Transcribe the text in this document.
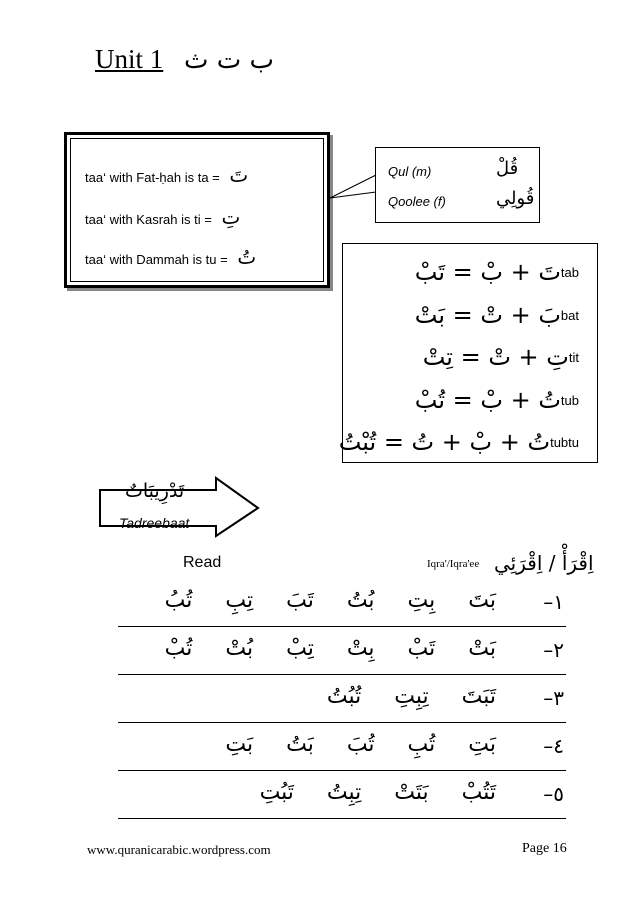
Unit 1 ب ت ث
taa‘ with Fat-ḥah is ta = تَ
taa‘ with Kasrah is ti = تِ
taa‘ with Dammah is tu = تُ
Qul (m)	قُلْ
Qoolee (f)	قُولِي
تَ + بْ = تَبْ tab
بَ + تْ = بَتْ bat
تِ + تْ = تِتْ tit
تُ + بْ = تُبْ tub
تُ + بْ + تُ = تُبْتُ tubtu
تَدْرِيبَاتٌ
Tadreebaat
Read	Iqra'/Iqra'ee اِقْرَأْ / اِقْرَئِي
١–
بَتَ بِتِ بُتُ تَبَ تِبِ تُبُ
٢–
بَتْ تَبْ بِتْ تِبْ بُتْ تُبْ
٣–
تَبَتَ تِبِتِ تُبُتُ
٤–
بَتِ تُبِ تُبَ بَتُ بَتِ
٥–
تَتُبْ بَتَتْ تِبِتُ تَبُتِ
www.quranicarabic.wordpress.com	Page 16
